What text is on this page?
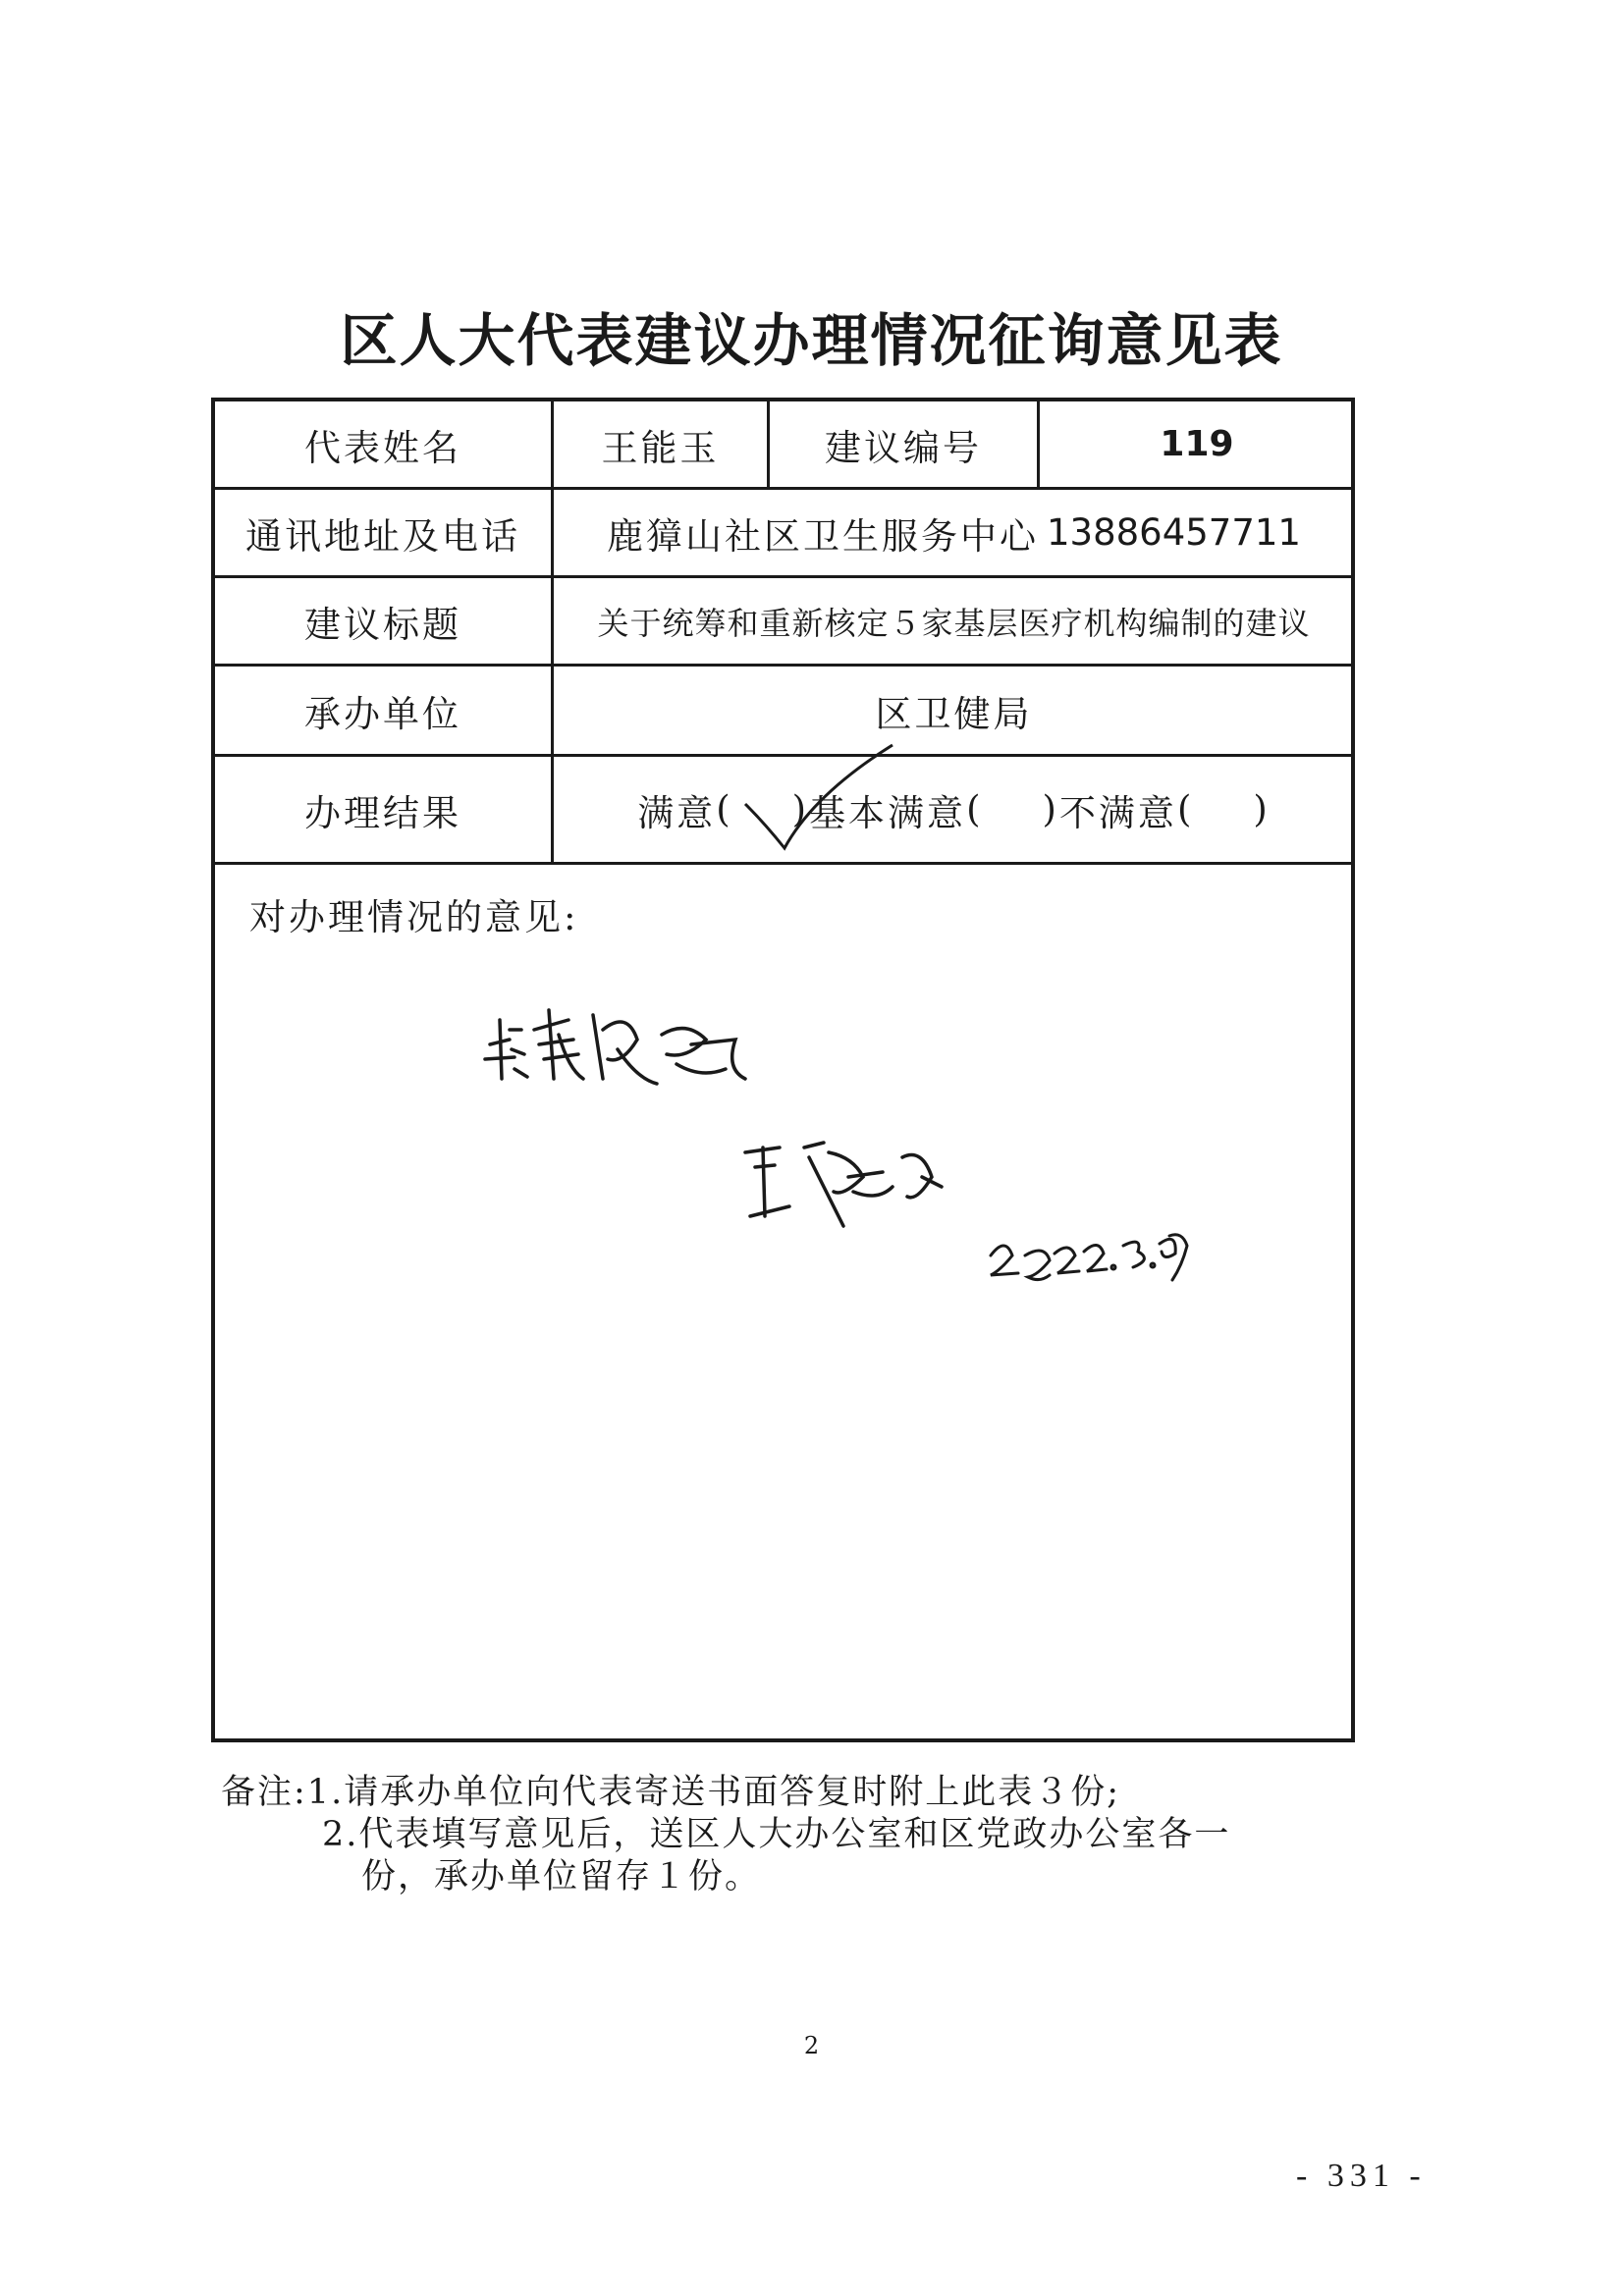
区人大代表建议办理情况征询意见表
代表姓名	王能玉	建议编号	119
通讯地址及电话	鹿獐山社区卫生服务中心 13886457711
建议标题	关于统筹和重新核定５家基层医疗机构编制的建议
承办单位	区卫健局
办理结果	满意 ( ) 基本满意 ( ) 不满意 ( )
对办理情况的意见:
备注:1.请承办单位向代表寄送书面答复时附上此表３份;
2.代表填写意见后，送区人大办公室和区党政办公室各一
份，承办单位留存１份。
2
- 331 -
